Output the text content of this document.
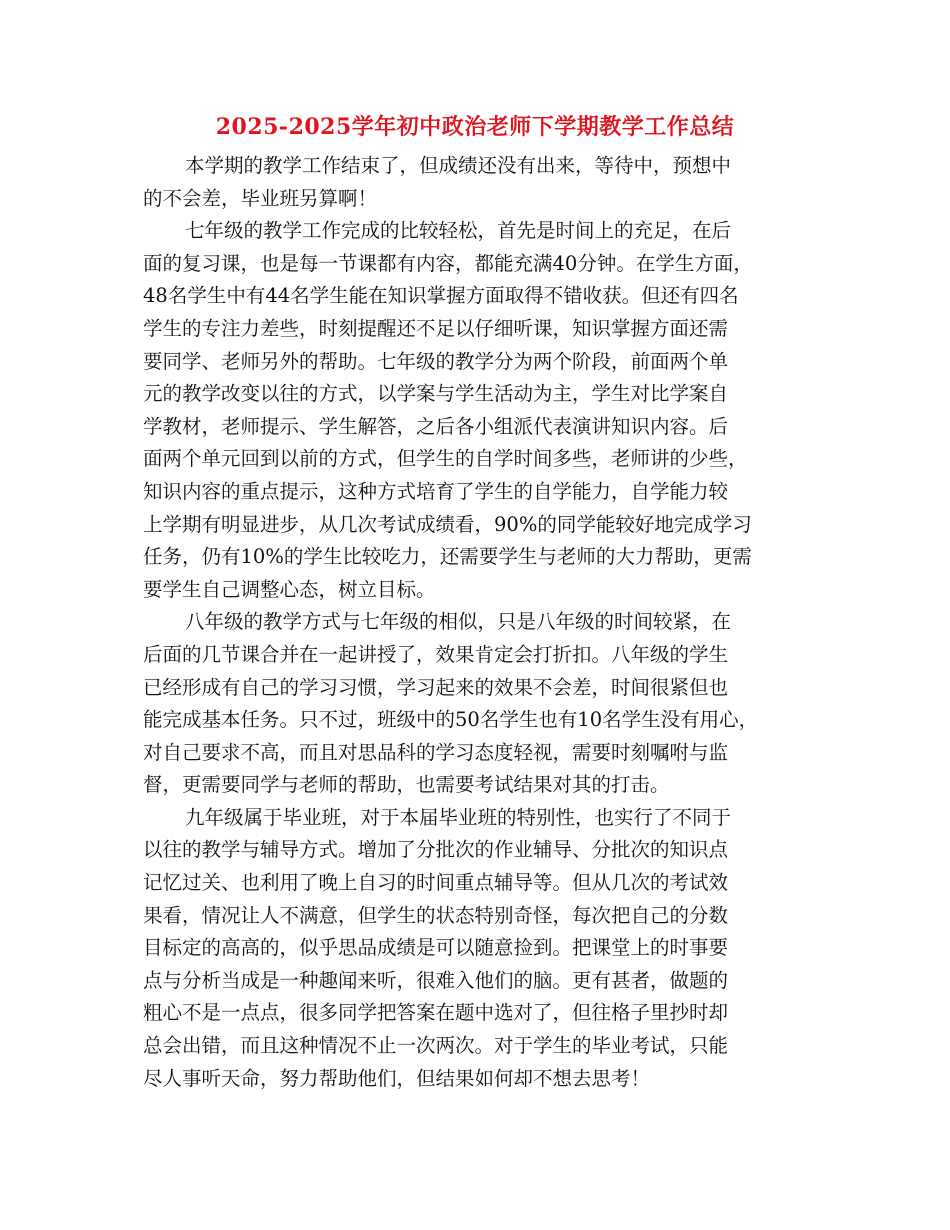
2025-2025学年初中政治老师下学期教学工作总结
本学期的教学工作结束了，但成绩还没有出来，等待中，预想中
的不会差，毕业班另算啊！
七年级的教学工作完成的比较轻松，首先是时间上的充足，在后
面的复习课，也是每一节课都有内容，都能充满40分钟。在学生方面，
48名学生中有44名学生能在知识掌握方面取得不错收获。但还有四名
学生的专注力差些，时刻提醒还不足以仔细听课，知识掌握方面还需
要同学、老师另外的帮助。七年级的教学分为两个阶段，前面两个单
元的教学改变以往的方式，以学案与学生活动为主，学生对比学案自
学教材，老师提示、学生解答，之后各小组派代表演讲知识内容。后
面两个单元回到以前的方式，但学生的自学时间多些，老师讲的少些，
知识内容的重点提示，这种方式培育了学生的自学能力，自学能力较
上学期有明显进步，从几次考试成绩看，90%的同学能较好地完成学习
任务，仍有10%的学生比较吃力，还需要学生与老师的大力帮助，更需
要学生自己调整心态，树立目标。
八年级的教学方式与七年级的相似，只是八年级的时间较紧，在
后面的几节课合并在一起讲授了，效果肯定会打折扣。八年级的学生
已经形成有自己的学习习惯，学习起来的效果不会差，时间很紧但也
能完成基本任务。只不过，班级中的50名学生也有10名学生没有用心，
对自己要求不高，而且对思品科的学习态度轻视，需要时刻嘱咐与监
督，更需要同学与老师的帮助，也需要考试结果对其的打击。
九年级属于毕业班，对于本届毕业班的特别性，也实行了不同于
以往的教学与辅导方式。增加了分批次的作业辅导、分批次的知识点
记忆过关、也利用了晚上自习的时间重点辅导等。但从几次的考试效
果看，情况让人不满意，但学生的状态特别奇怪，每次把自己的分数
目标定的高高的，似乎思品成绩是可以随意捡到。把课堂上的时事要
点与分析当成是一种趣闻来听，很难入他们的脑。更有甚者，做题的
粗心不是一点点，很多同学把答案在题中选对了，但往格子里抄时却
总会出错，而且这种情况不止一次两次。对于学生的毕业考试，只能
尽人事听天命，努力帮助他们，但结果如何却不想去思考！
